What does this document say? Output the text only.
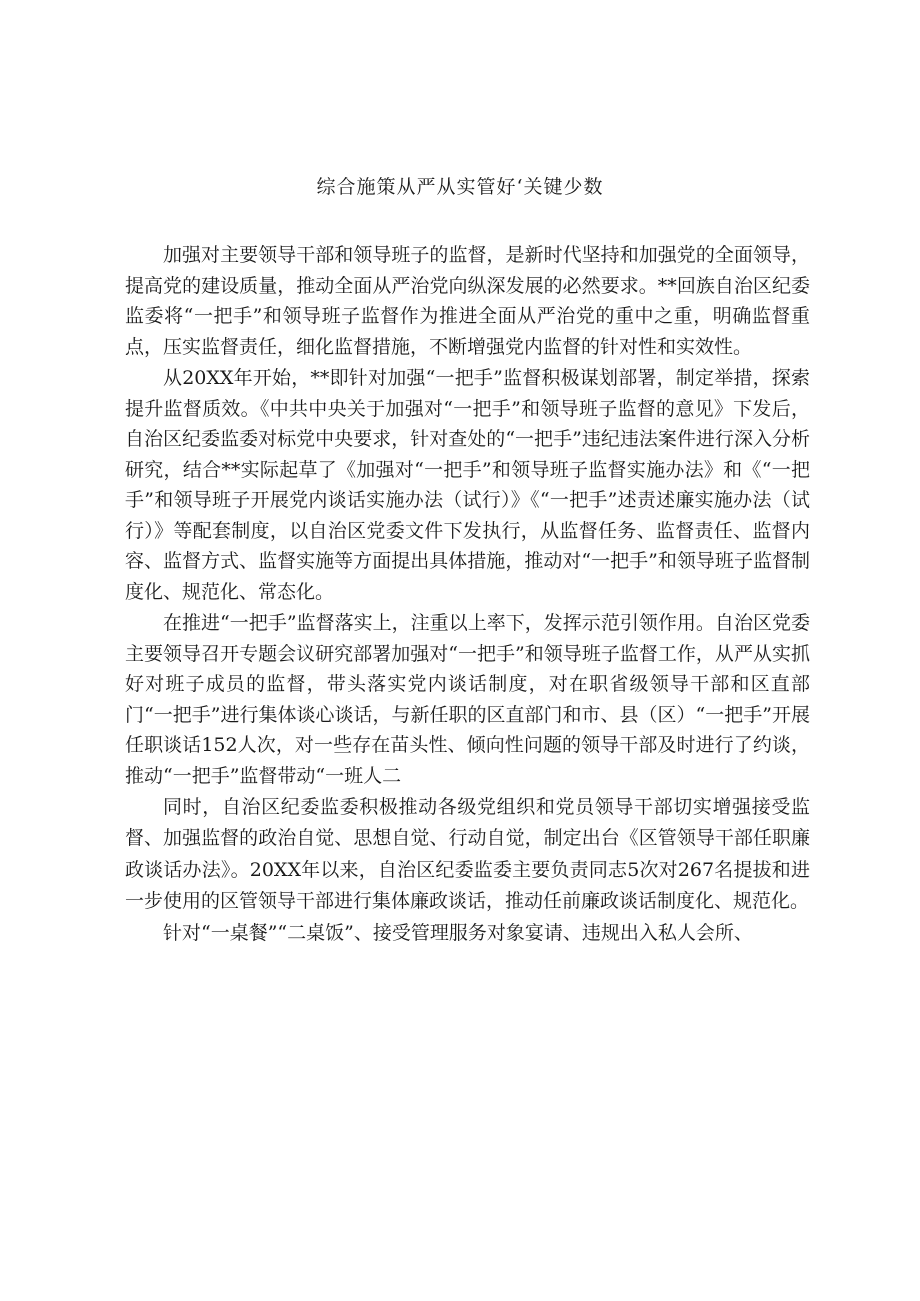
综合施策从严从实管好‘关键少数

加强对主要领导干部和领导班子的监督，是新时代坚持和加强党的全面领导，提高党的建设质量，推动全面从严治党向纵深发展的必然要求。**回族自治区纪委监委将“一把手”和领导班子监督作为推进全面从严治党的重中之重，明确监督重点，压实监督责任，细化监督措施，不断增强党内监督的针对性和实效性。

从20XX年开始，**即针对加强“一把手”监督积极谋划部署，制定举措，探索提升监督质效。《中共中央关于加强对“一把手”和领导班子监督的意见》下发后，自治区纪委监委对标党中央要求，针对查处的“一把手”违纪违法案件进行深入分析研究，结合**实际起草了《加强对“一把手”和领导班子监督实施办法》和《“一把手”和领导班子开展党内谈话实施办法（试行）》《“一把手”述责述廉实施办法（试行）》等配套制度，以自治区党委文件下发执行，从监督任务、监督责任、监督内容、监督方式、监督实施等方面提出具体措施，推动对“一把手”和领导班子监督制度化、规范化、常态化。

在推进“一把手”监督落实上，注重以上率下，发挥示范引领作用。自治区党委主要领导召开专题会议研究部署加强对“一把手”和领导班子监督工作，从严从实抓好对班子成员的监督，带头落实党内谈话制度，对在职省级领导干部和区直部门“一把手”进行集体谈心谈话，与新任职的区直部门和市、县（区）“一把手”开展任职谈话152人次，对一些存在苗头性、倾向性问题的领导干部及时进行了约谈，推动“一把手”监督带动“一班人二

同时，自治区纪委监委积极推动各级党组织和党员领导干部切实增强接受监督、加强监督的政治自觉、思想自觉、行动自觉，制定出台《区管领导干部任职廉政谈话办法》。20XX年以来，自治区纪委监委主要负责同志5次对267名提拔和进一步使用的区管领导干部进行集体廉政谈话，推动任前廉政谈话制度化、规范化。

针对“一桌餐”“二桌饭”、接受管理服务对象宴请、违规出入私人会所、
